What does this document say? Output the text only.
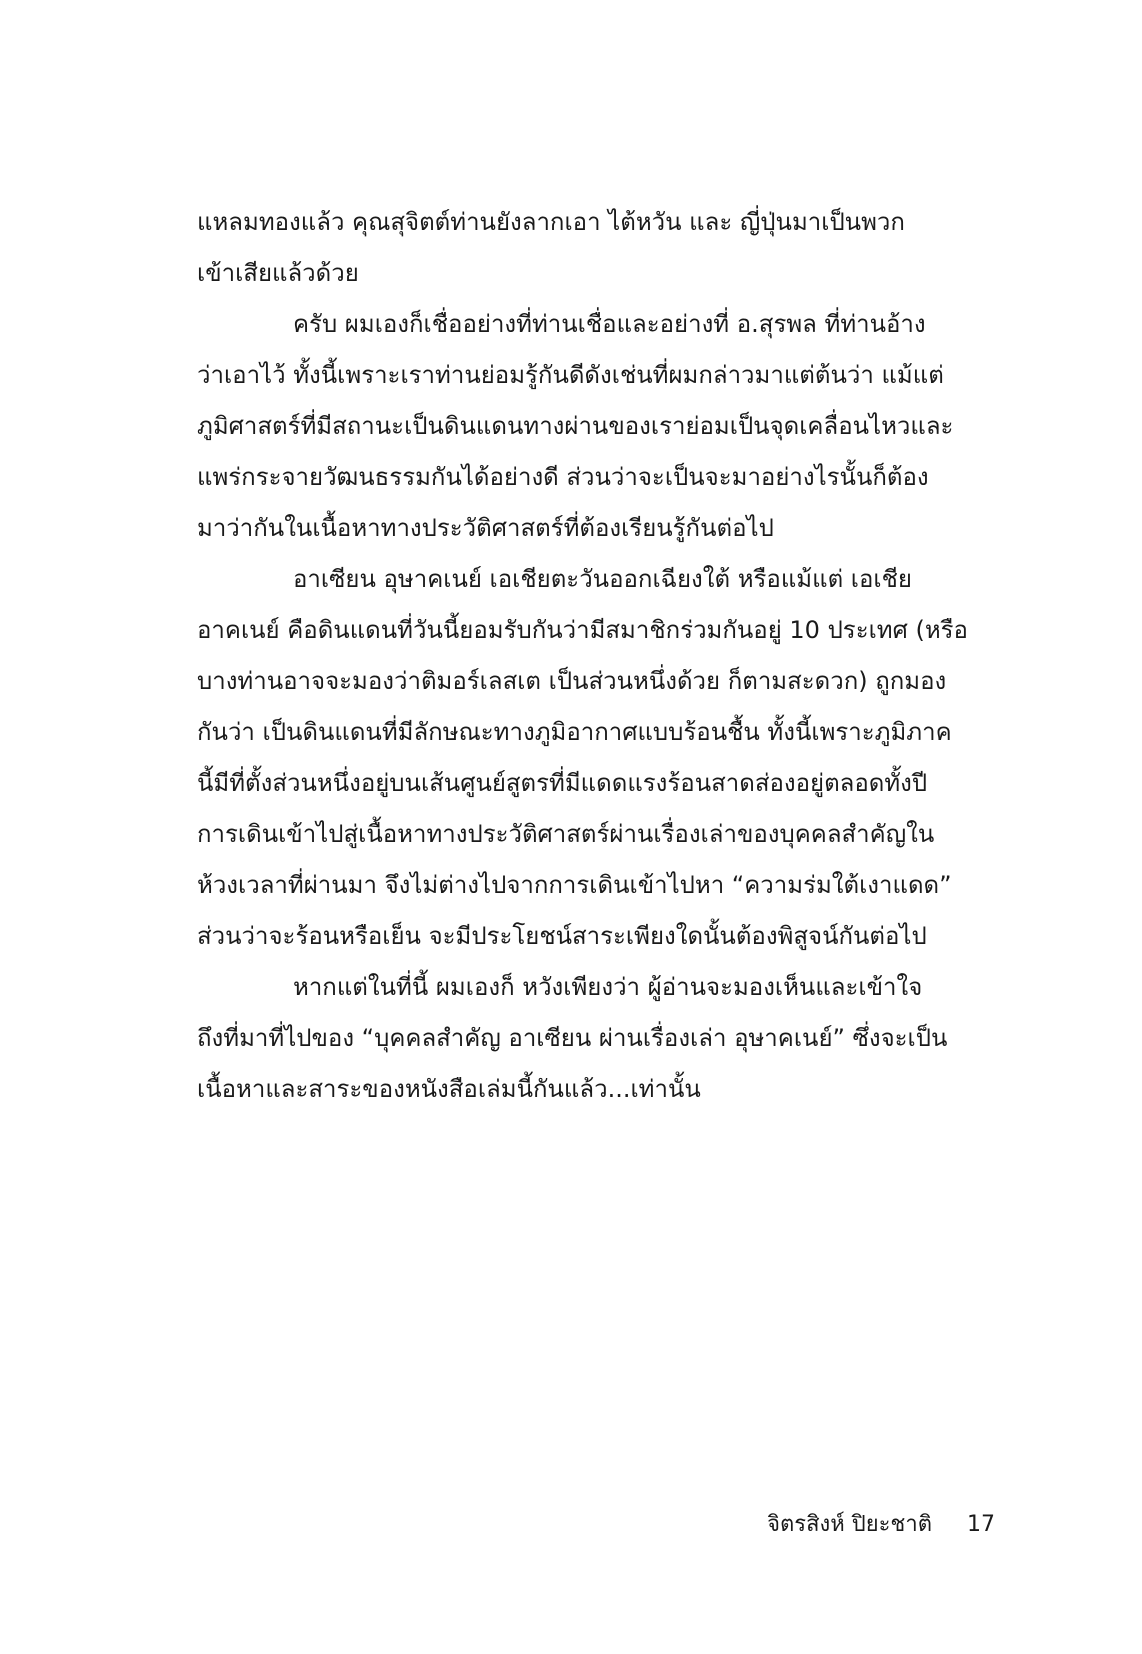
แหลมทองแล้ว คุณสุจิตต์ท่านยังลากเอา ไต้หวัน และ ญี่ปุ่นมาเป็นพวก
เข้าเสียแล้วด้วย
ครับ ผมเองก็เชื่ออย่างที่ท่านเชื่อและอย่างที่ อ.สุรพล ที่ท่านอ้าง
ว่าเอาไว้ ทั้งนี้เพราะเราท่านย่อมรู้กันดีดังเช่นที่ผมกล่าวมาแต่ต้นว่า แม้แต่
ภูมิศาสตร์ที่มีสถานะเป็นดินแดนทางผ่านของเราย่อมเป็นจุดเคลื่อนไหวและ
แพร่กระจายวัฒนธรรมกันได้อย่างดี ส่วนว่าจะเป็นจะมาอย่างไรนั้นก็ต้อง
มาว่ากันในเนื้อหาทางประวัติศาสตร์ที่ต้องเรียนรู้กันต่อไป
อาเซียน อุษาคเนย์ เอเชียตะวันออกเฉียงใต้ หรือแม้แต่ เอเชีย
อาคเนย์ คือดินแดนที่วันนี้ยอมรับกันว่ามีสมาชิกร่วมกันอยู่ 10 ประเทศ (หรือ
บางท่านอาจจะมองว่าติมอร์เลสเต เป็นส่วนหนึ่งด้วย ก็ตามสะดวก) ถูกมอง
กันว่า เป็นดินแดนที่มีลักษณะทางภูมิอากาศแบบร้อนชื้น ทั้งนี้เพราะภูมิภาค
นี้มีที่ตั้งส่วนหนึ่งอยู่บนเส้นศูนย์สูตรที่มีแดดแรงร้อนสาดส่องอยู่ตลอดทั้งปี
การเดินเข้าไปสู่เนื้อหาทางประวัติศาสตร์ผ่านเรื่องเล่าของบุคคลสำคัญใน
ห้วงเวลาที่ผ่านมา จึงไม่ต่างไปจากการเดินเข้าไปหา “ความร่มใต้เงาแดด”
ส่วนว่าจะร้อนหรือเย็น จะมีประโยชน์สาระเพียงใดนั้นต้องพิสูจน์กันต่อไป
หากแต่ในที่นี้ ผมเองก็ หวังเพียงว่า ผู้อ่านจะมองเห็นและเข้าใจ
ถึงที่มาที่ไปของ “บุคคลสำคัญ อาเซียน ผ่านเรื่องเล่า อุษาคเนย์” ซึ่งจะเป็น
เนื้อหาและสาระของหนังสือเล่มนี้กันแล้ว...เท่านั้น
จิตรสิงห์ ปิยะชาติ 17
